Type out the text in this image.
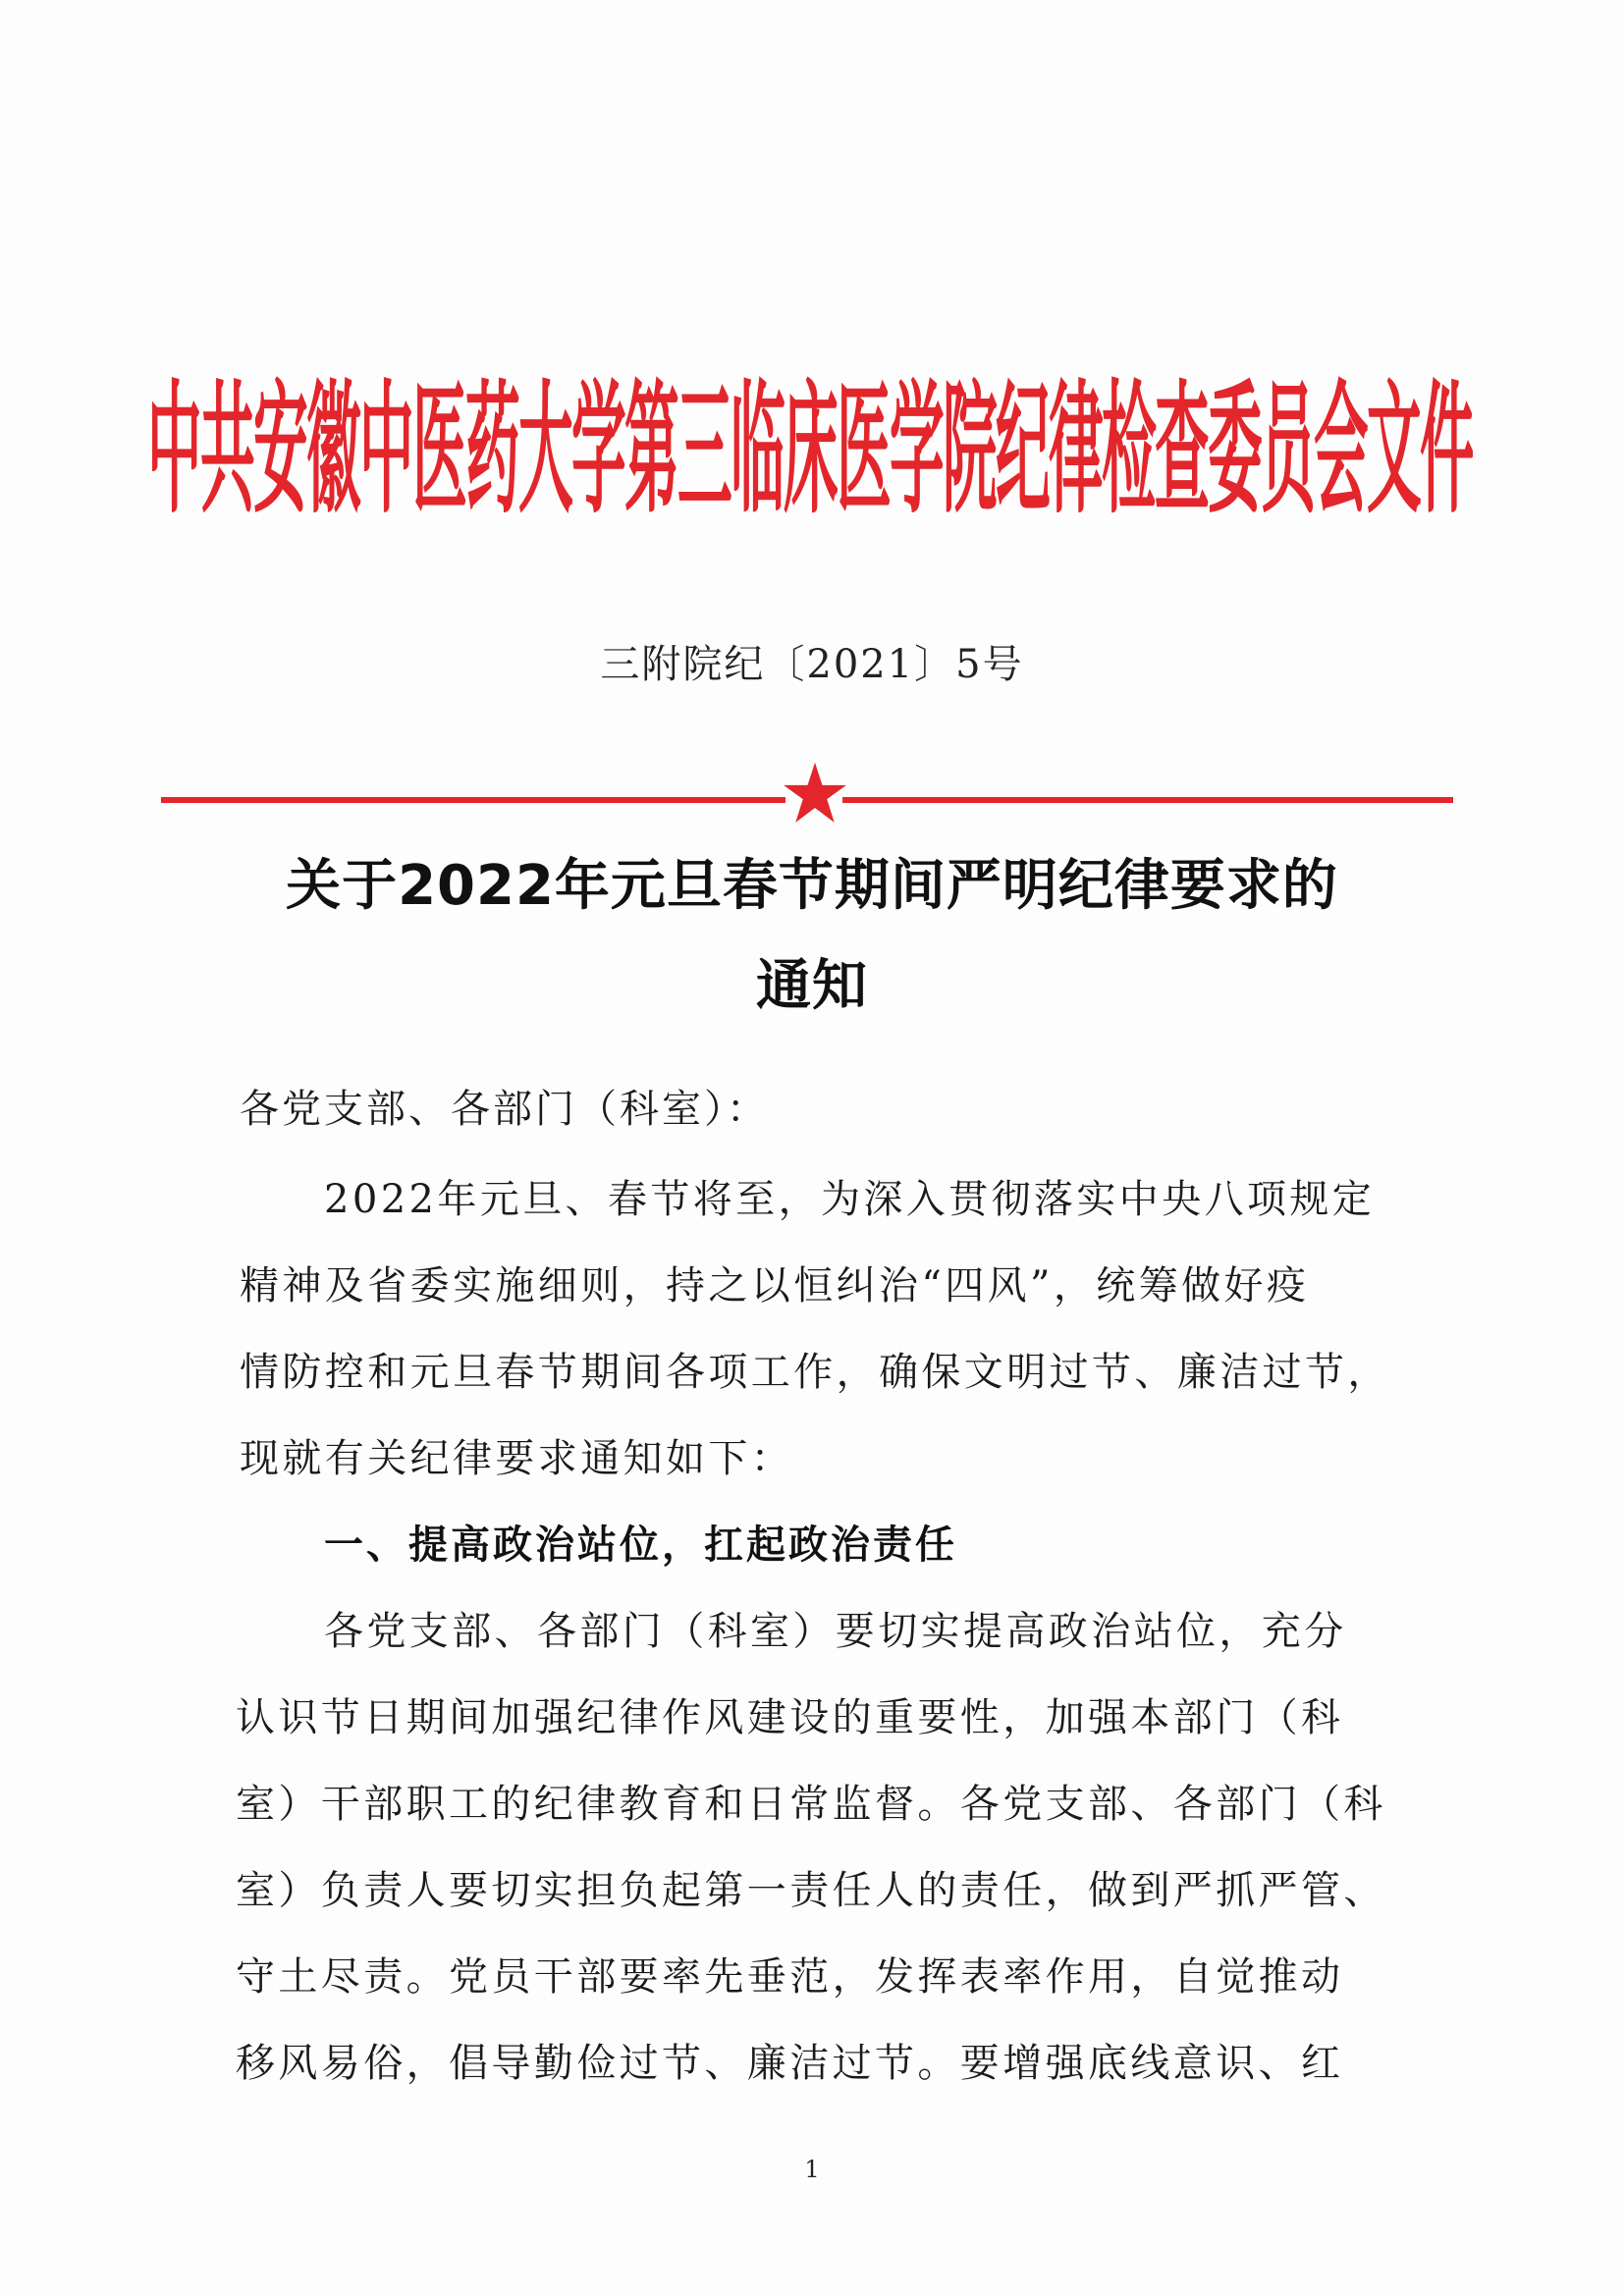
中共安徽中医药大学第三临床医学院纪律检查委员会文件
三附院纪〔2021〕5号
关于2022年元旦春节期间严明纪律要求的
通知
各党支部、各部门（科室）：
2022年元旦、春节将至，为深入贯彻落实中央八项规定
精神及省委实施细则，持之以恒纠治“四风”，统筹做好疫
情防控和元旦春节期间各项工作，确保文明过节、廉洁过节，
现就有关纪律要求通知如下：
一、提高政治站位，扛起政治责任
各党支部、各部门（科室）要切实提高政治站位，充分
认识节日期间加强纪律作风建设的重要性，加强本部门（科
室）干部职工的纪律教育和日常监督。各党支部、各部门（科
室）负责人要切实担负起第一责任人的责任，做到严抓严管、
守土尽责。党员干部要率先垂范，发挥表率作用，自觉推动
移风易俗，倡导勤俭过节、廉洁过节。要增强底线意识、红
1
